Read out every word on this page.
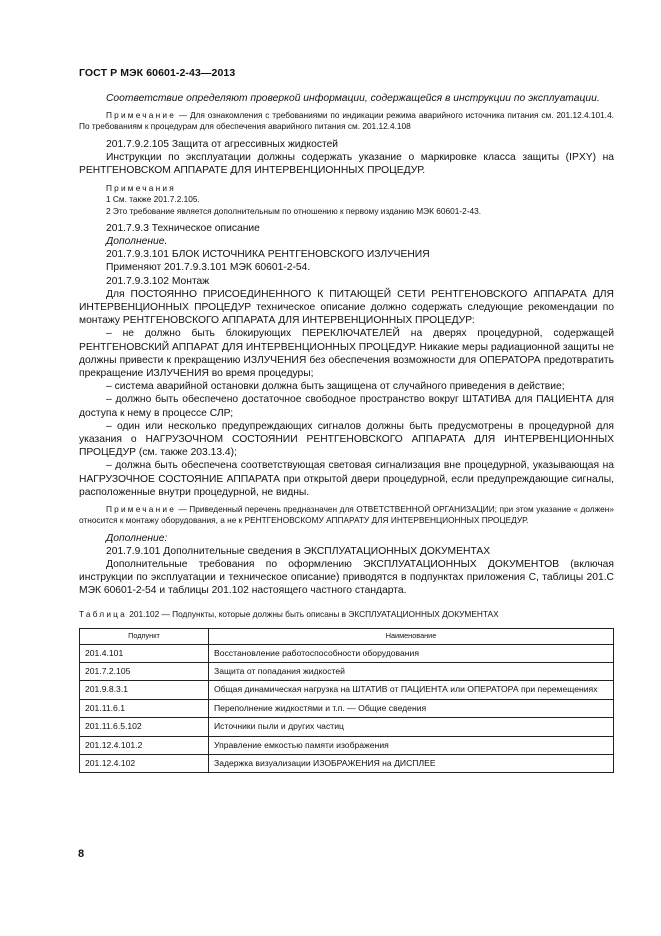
ГОСТ Р МЭК 60601-2-43—2013

Соответствие определяют проверкой информации, содержащейся в инструкции по эксплуатации.

Примечание — Для ознакомления с требованиями по индикации режима аварийного источника питания см. 201.12.4.101.4. По требованиям к процедурам для обеспечения аварийного питания см. 201.12.4.108

201.7.9.2.105 Защита от агрессивных жидкостей

Инструкции по эксплуатации должны содержать указание о маркировке класса защиты (IPXY) на РЕНТГЕНОВСКОМ АППАРАТЕ ДЛЯ ИНТЕРВЕНЦИОННЫХ ПРОЦЕДУР.

Примечания

1 См. также 201.7.2.105.

2 Это требование является дополнительным по отношению к первому изданию МЭК 60601-2-43.

201.7.9.3 Техническое описание

Дополнение.

201.7.9.3.101 БЛОК ИСТОЧНИКА РЕНТГЕНОВСКОГО ИЗЛУЧЕНИЯ

Применяют 201.7.9.3.101 МЭК 60601-2-54.

201.7.9.3.102 Монтаж

Для ПОСТОЯННО ПРИСОЕДИНЕННОГО К ПИТАЮЩЕЙ СЕТИ РЕНТГЕНОВСКОГО АППАРАТА ДЛЯ ИНТЕРВЕНЦИОННЫХ ПРОЦЕДУР техническое описание должно содержать следующие рекомендации по монтажу РЕНТГЕНОВСКОГО АППАРАТА ДЛЯ ИНТЕРВЕНЦИОННЫХ ПРОЦЕДУР:

– не должно быть блокирующих ПЕРЕКЛЮЧАТЕЛЕЙ на дверях процедурной, содержащей РЕНТГЕНОВСКИЙ АППАРАТ ДЛЯ ИНТЕРВЕНЦИОННЫХ ПРОЦЕДУР. Никакие меры радиационной защиты не должны привести к прекращению ИЗЛУЧЕНИЯ без обеспечения возможности для ОПЕРАТОРА предотвратить прекращение ИЗЛУЧЕНИЯ во время процедуры;

– система аварийной остановки должна быть защищена от случайного приведения в действие;

– должно быть обеспечено достаточное свободное пространство вокруг ШТАТИВА для ПАЦИЕНТА для доступа к нему в процессе СЛР;

– один или несколько предупреждающих сигналов должны быть предусмотрены в процедурной для указания о НАГРУЗОЧНОМ СОСТОЯНИИ РЕНТГЕНОВСКОГО АППАРАТА ДЛЯ ИНТЕРВЕНЦИОННЫХ ПРОЦЕДУР (см. также 203.13.4);

– должна быть обеспечена соответствующая световая сигнализация вне процедурной, указывающая на НАГРУЗОЧНОЕ СОСТОЯНИЕ АППАРАТА при открытой двери процедурной, если предупреждающие сигналы, расположенные внутри процедурной, не видны.

Примечание — Приведенный перечень предназначен для ОТВЕТСТВЕННОЙ ОРГАНИЗАЦИИ; при этом указание « должен» относится к монтажу оборудования, а не к РЕНТГЕНОВСКОМУ АППАРАТУ ДЛЯ ИНТЕРВЕНЦИОННЫХ ПРОЦЕДУР.

Дополнение:

201.7.9.101 Дополнительные сведения в ЭКСПЛУАТАЦИОННЫХ ДОКУМЕНТАХ

Дополнительные требования по оформлению ЭКСПЛУАТАЦИОННЫХ ДОКУМЕНТОВ (включая инструкции по эксплуатации и техническое описание) приводятся в подпунктах приложения С, таблицы 201.С МЭК 60601-2-54 и таблицы 201.102 настоящего частного стандарта.

Таблица 201.102 — Подпункты, которые должны быть описаны в ЭКСПЛУАТАЦИОННЫХ ДОКУМЕНТАХ

Подпункт	Наименование
201.4.101	Восстановление работоспособности оборудования
201.7.2.105	Защита от попадания жидкостей
201.9.8.3.1	Общая динамическая нагрузка на ШТАТИВ от ПАЦИЕНТА или ОПЕРАТОРА при перемещениях
201.11.6.1	Переполнение жидкостями и т.п. — Общие сведения
201.11.6.5.102	Источники пыли и других частиц
201.12.4.101.2	Управление емкостью памяти изображения
201.12.4.102	Задержка визуализации ИЗОБРАЖЕНИЯ на ДИСПЛЕЕ
8
